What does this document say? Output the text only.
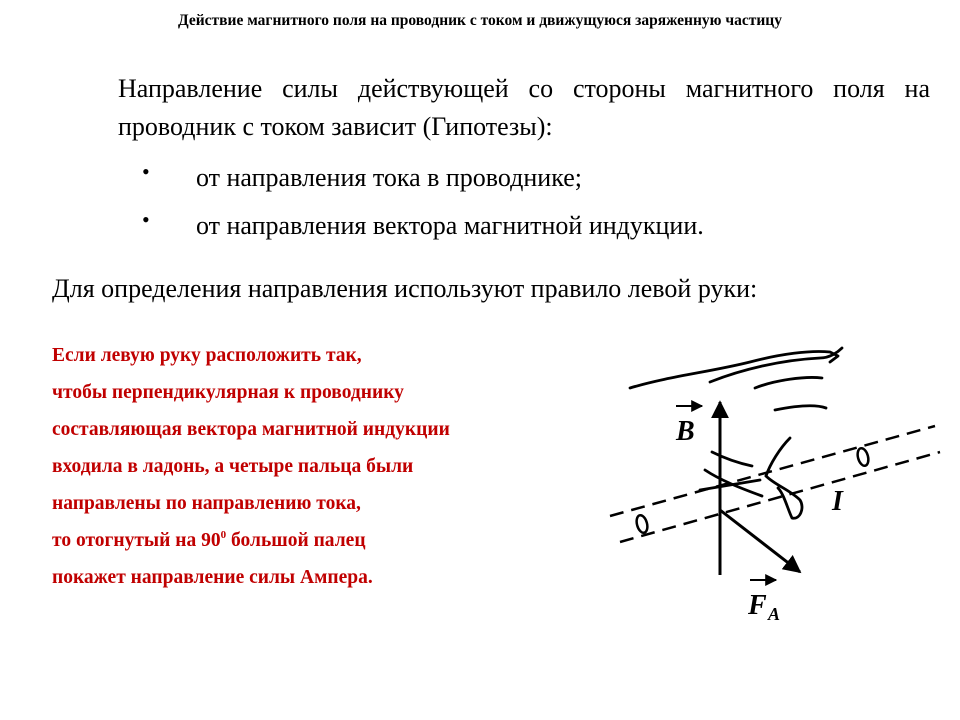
Действие магнитного поля на проводник с током и движущуюся заряженную частицу
Направление силы действующей со стороны магнитного поля на проводник с током зависит (Гипотезы):
• от направления тока в проводнике;
• от направления вектора магнитной индукции.
Для определения направления используют правило левой руки:
Если левую руку расположить так,
чтобы перпендикулярная к проводнику
составляющая вектора магнитной индукции
входила в ладонь, а четыре пальца были
направлены по направлению тока,
то отогнутый на $90^0$ большой палец
покажет направление силы Ампера.
B
I
F A
